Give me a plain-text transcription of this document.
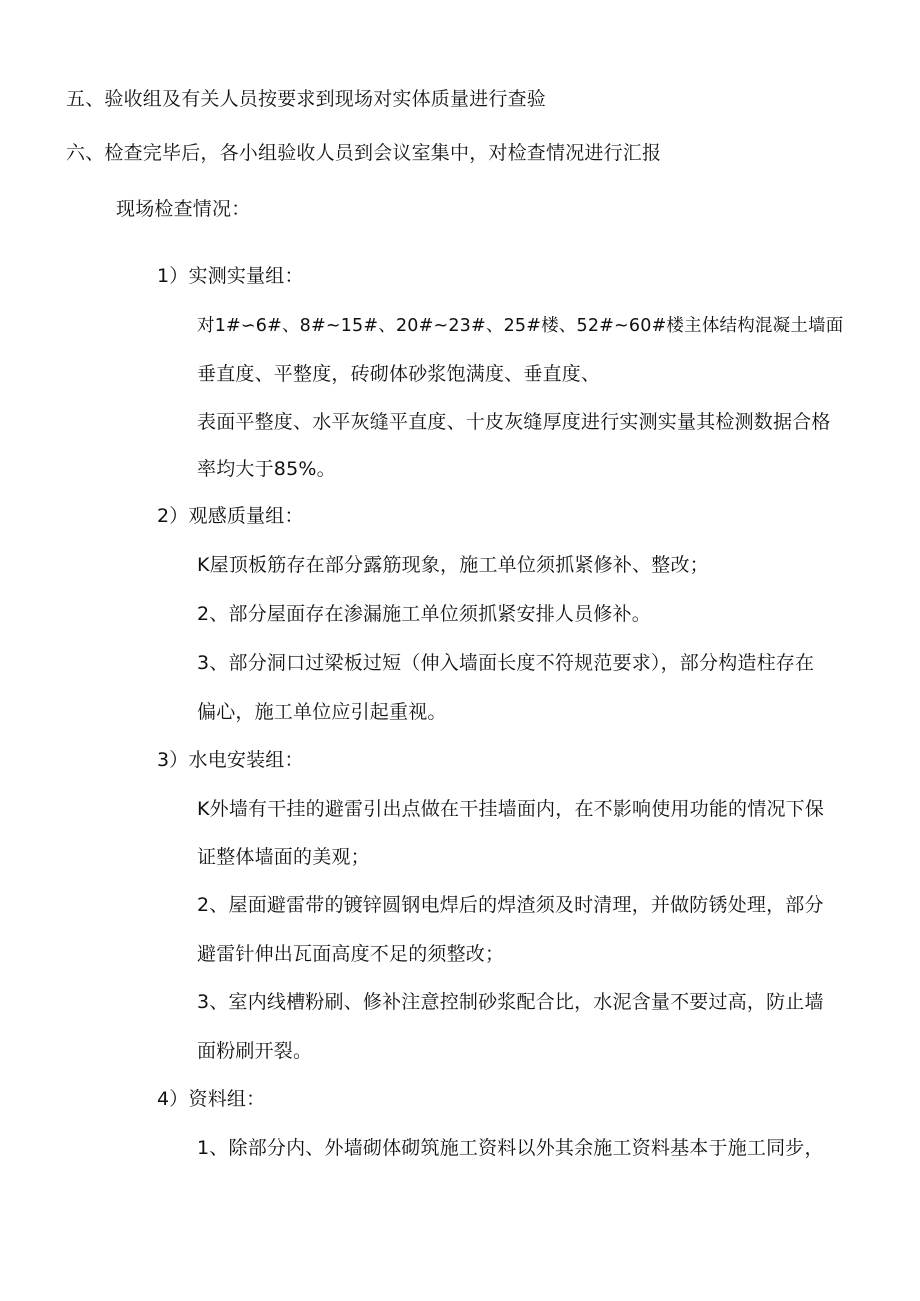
五、验收组及有关人员按要求到现场对实体质量进行查验
六、检查完毕后，各小组验收人员到会议室集中，对检查情况进行汇报
现场检查情况：
1）实测实量组：
对1#∽6#、8#~15#、20#~23#、25#楼、52#~60#楼主体结构混凝土墙面
垂直度、平整度，砖砌体砂浆饱满度、垂直度、
表面平整度、水平灰缝平直度、十皮灰缝厚度进行实测实量其检测数据合格
率均大于85%。
2）观感质量组：
K屋顶板筋存在部分露筋现象，施工单位须抓紧修补、整改；
2、部分屋面存在渗漏施工单位须抓紧安排人员修补。
3、部分洞口过梁板过短（伸入墙面长度不符规范要求），部分构造柱存在
偏心，施工单位应引起重视。
3）水电安装组：
K外墙有干挂的避雷引出点做在干挂墙面内，在不影响使用功能的情况下保
证整体墙面的美观；
2、屋面避雷带的镀锌圆钢电焊后的焊渣须及时清理，并做防锈处理，部分
避雷针伸出瓦面高度不足的须整改；
3、室内线槽粉刷、修补注意控制砂浆配合比，水泥含量不要过高，防止墙
面粉刷开裂。
4）资料组：
1、除部分内、外墙砌体砌筑施工资料以外其余施工资料基本于施工同步，
